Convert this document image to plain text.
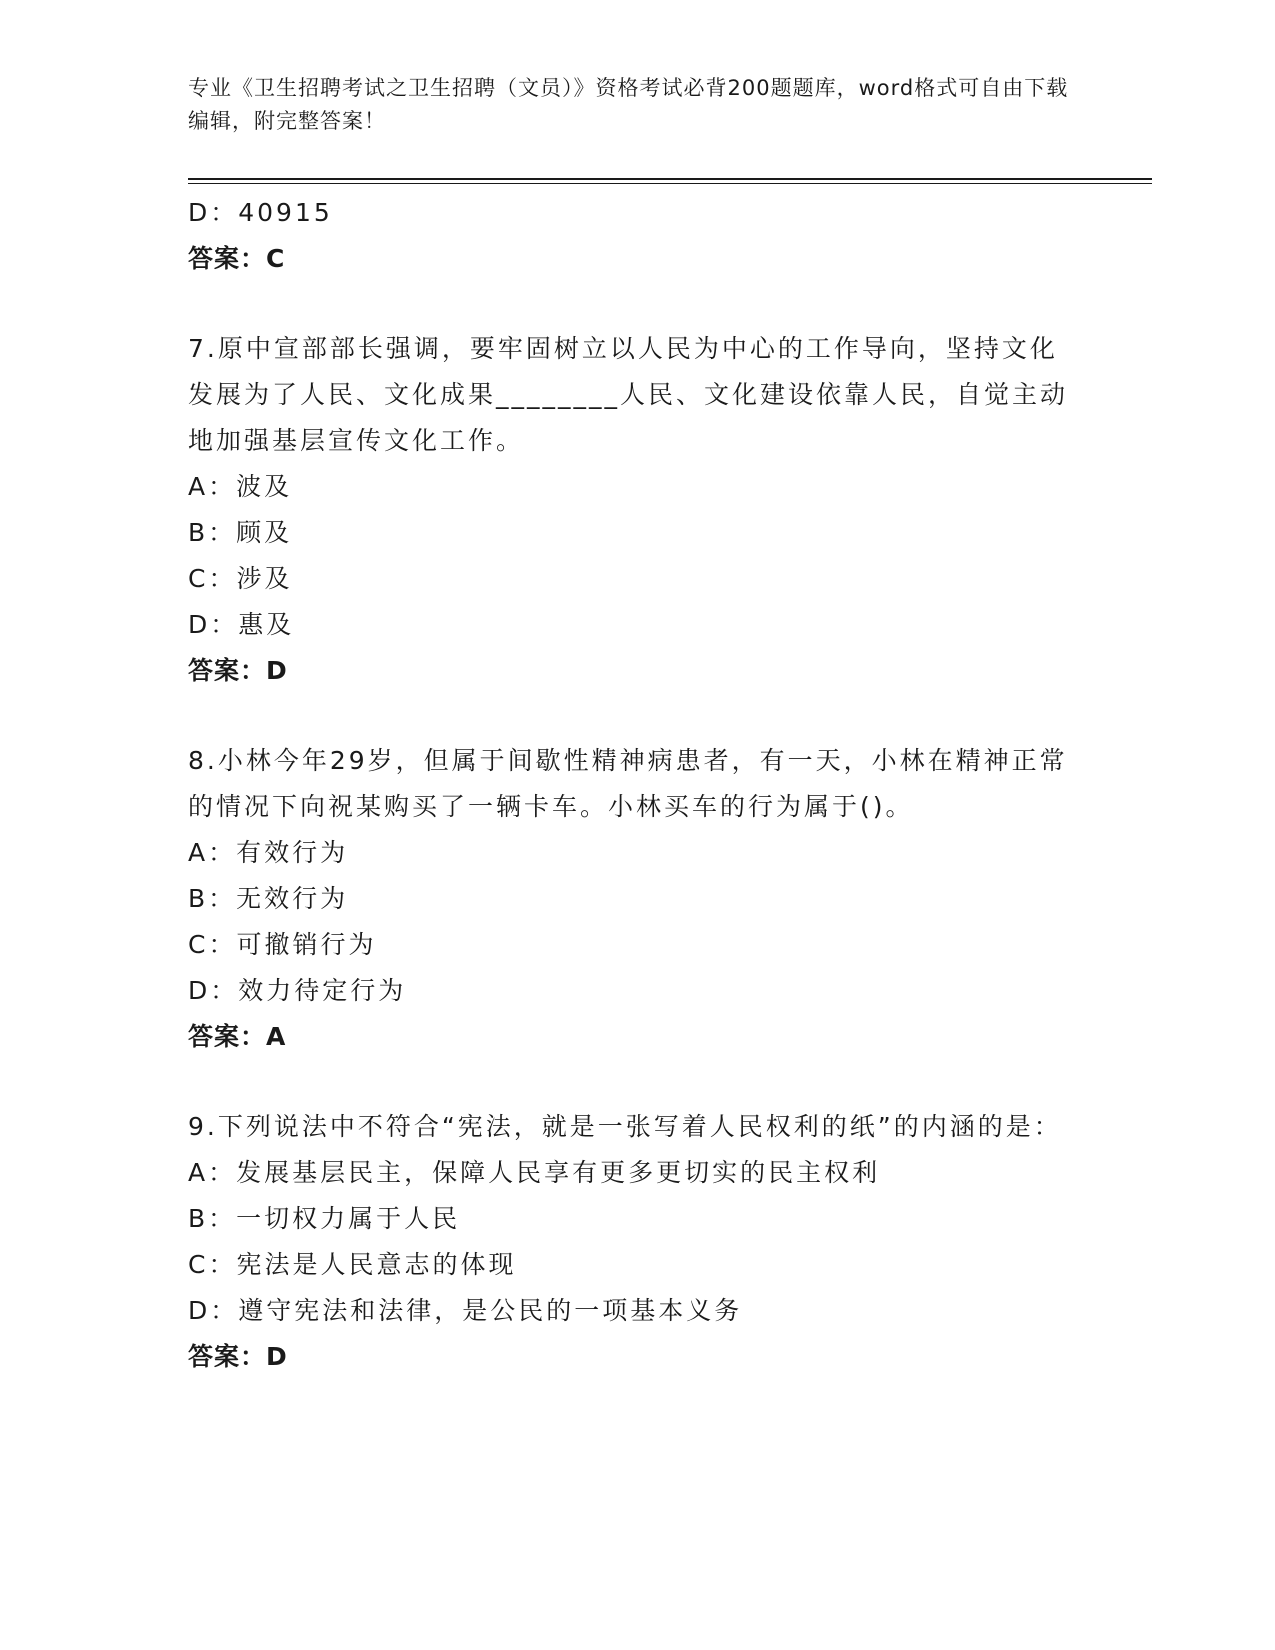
专业《卫生招聘考试之卫生招聘（文员）》资格考试必背200题题库，word格式可自由下载编辑，附完整答案！
D：40915
答案：C
7.原中宣部部长强调，要牢固树立以人民为中心的工作导向，坚持文化发展为了人民、文化成果________人民、文化建设依靠人民，自觉主动地加强基层宣传文化工作。
A：波及
B：顾及
C：涉及
D：惠及
答案：D
8.小林今年29岁，但属于间歇性精神病患者，有一天，小林在精神正常的情况下向祝某购买了一辆卡车。小林买车的行为属于()。
A：有效行为
B：无效行为
C：可撤销行为
D：效力待定行为
答案：A
9.下列说法中不符合“宪法，就是一张写着人民权利的纸”的内涵的是：
A：发展基层民主，保障人民享有更多更切实的民主权利
B：一切权力属于人民
C：宪法是人民意志的体现
D：遵守宪法和法律，是公民的一项基本义务
答案：D
